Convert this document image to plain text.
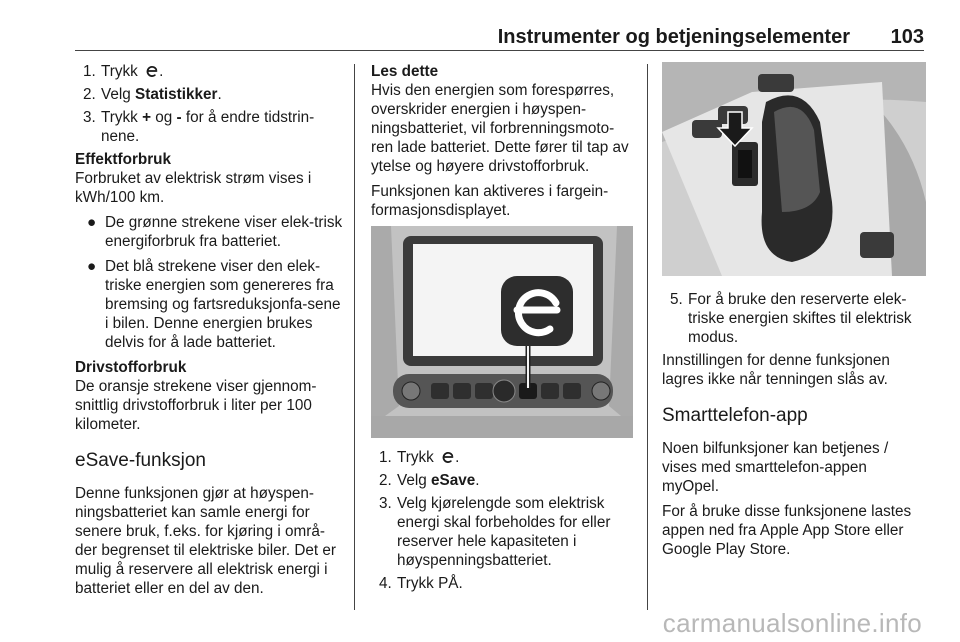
Instrumenter og betjeningselementer 103
1. Trykk .
2. Velg Statistikker.
3. Trykk + og - for å endre tidstrin-nene.

Effektforbruk

Forbruket av elektrisk strøm vises i kWh/100 km.

● De grønne strekene viser elek-trisk energiforbruk fra batteriet.
● Det blå strekene viser den elek-triske energien som genereres fra bremsing og fartsreduksjonfa-sene i bilen. Denne energien brukes delvis for å lade batteriet.

Drivstofforbruk

De oransje strekene viser gjennom-snittlig drivstofforbruk i liter per 100 kilometer.

eSave-funksjon

Denne funksjonen gjør at høyspen-ningsbatteriet kan samle energi for senere bruk, f.eks. for kjøring i områ-der begrenset til elektriske biler. Det er mulig å reservere all elektrisk energi i batteriet eller en del av den.

Les dette

Hvis den energien som forespørres, overskrider energien i høyspen-ningsbatteriet, vil forbrenningsmoto-ren lade batteriet. Dette fører til tap av ytelse og høyere drivstofforbruk.

Funksjonen kan aktiveres i fargein-formasjonsdisplayet.

1. Trykk .
2. Velg eSave.
3. Velg kjørelengde som elektrisk energi skal forbeholdes for eller reserver hele kapasiteten i høyspenningsbatteriet.
4. Trykk PÅ.
5. For å bruke den reserverte elek-triske energien skiftes til elektrisk modus.

Innstillingen for denne funksjonen lagres ikke når tenningen slås av.

Smarttelefon-app

Noen bilfunksjoner kan betjenes / vises med smarttelefon-appen myOpel.

For å bruke disse funksjonene lastes appen ned fra Apple App Store eller Google Play Store.

carmanualsonline.info
